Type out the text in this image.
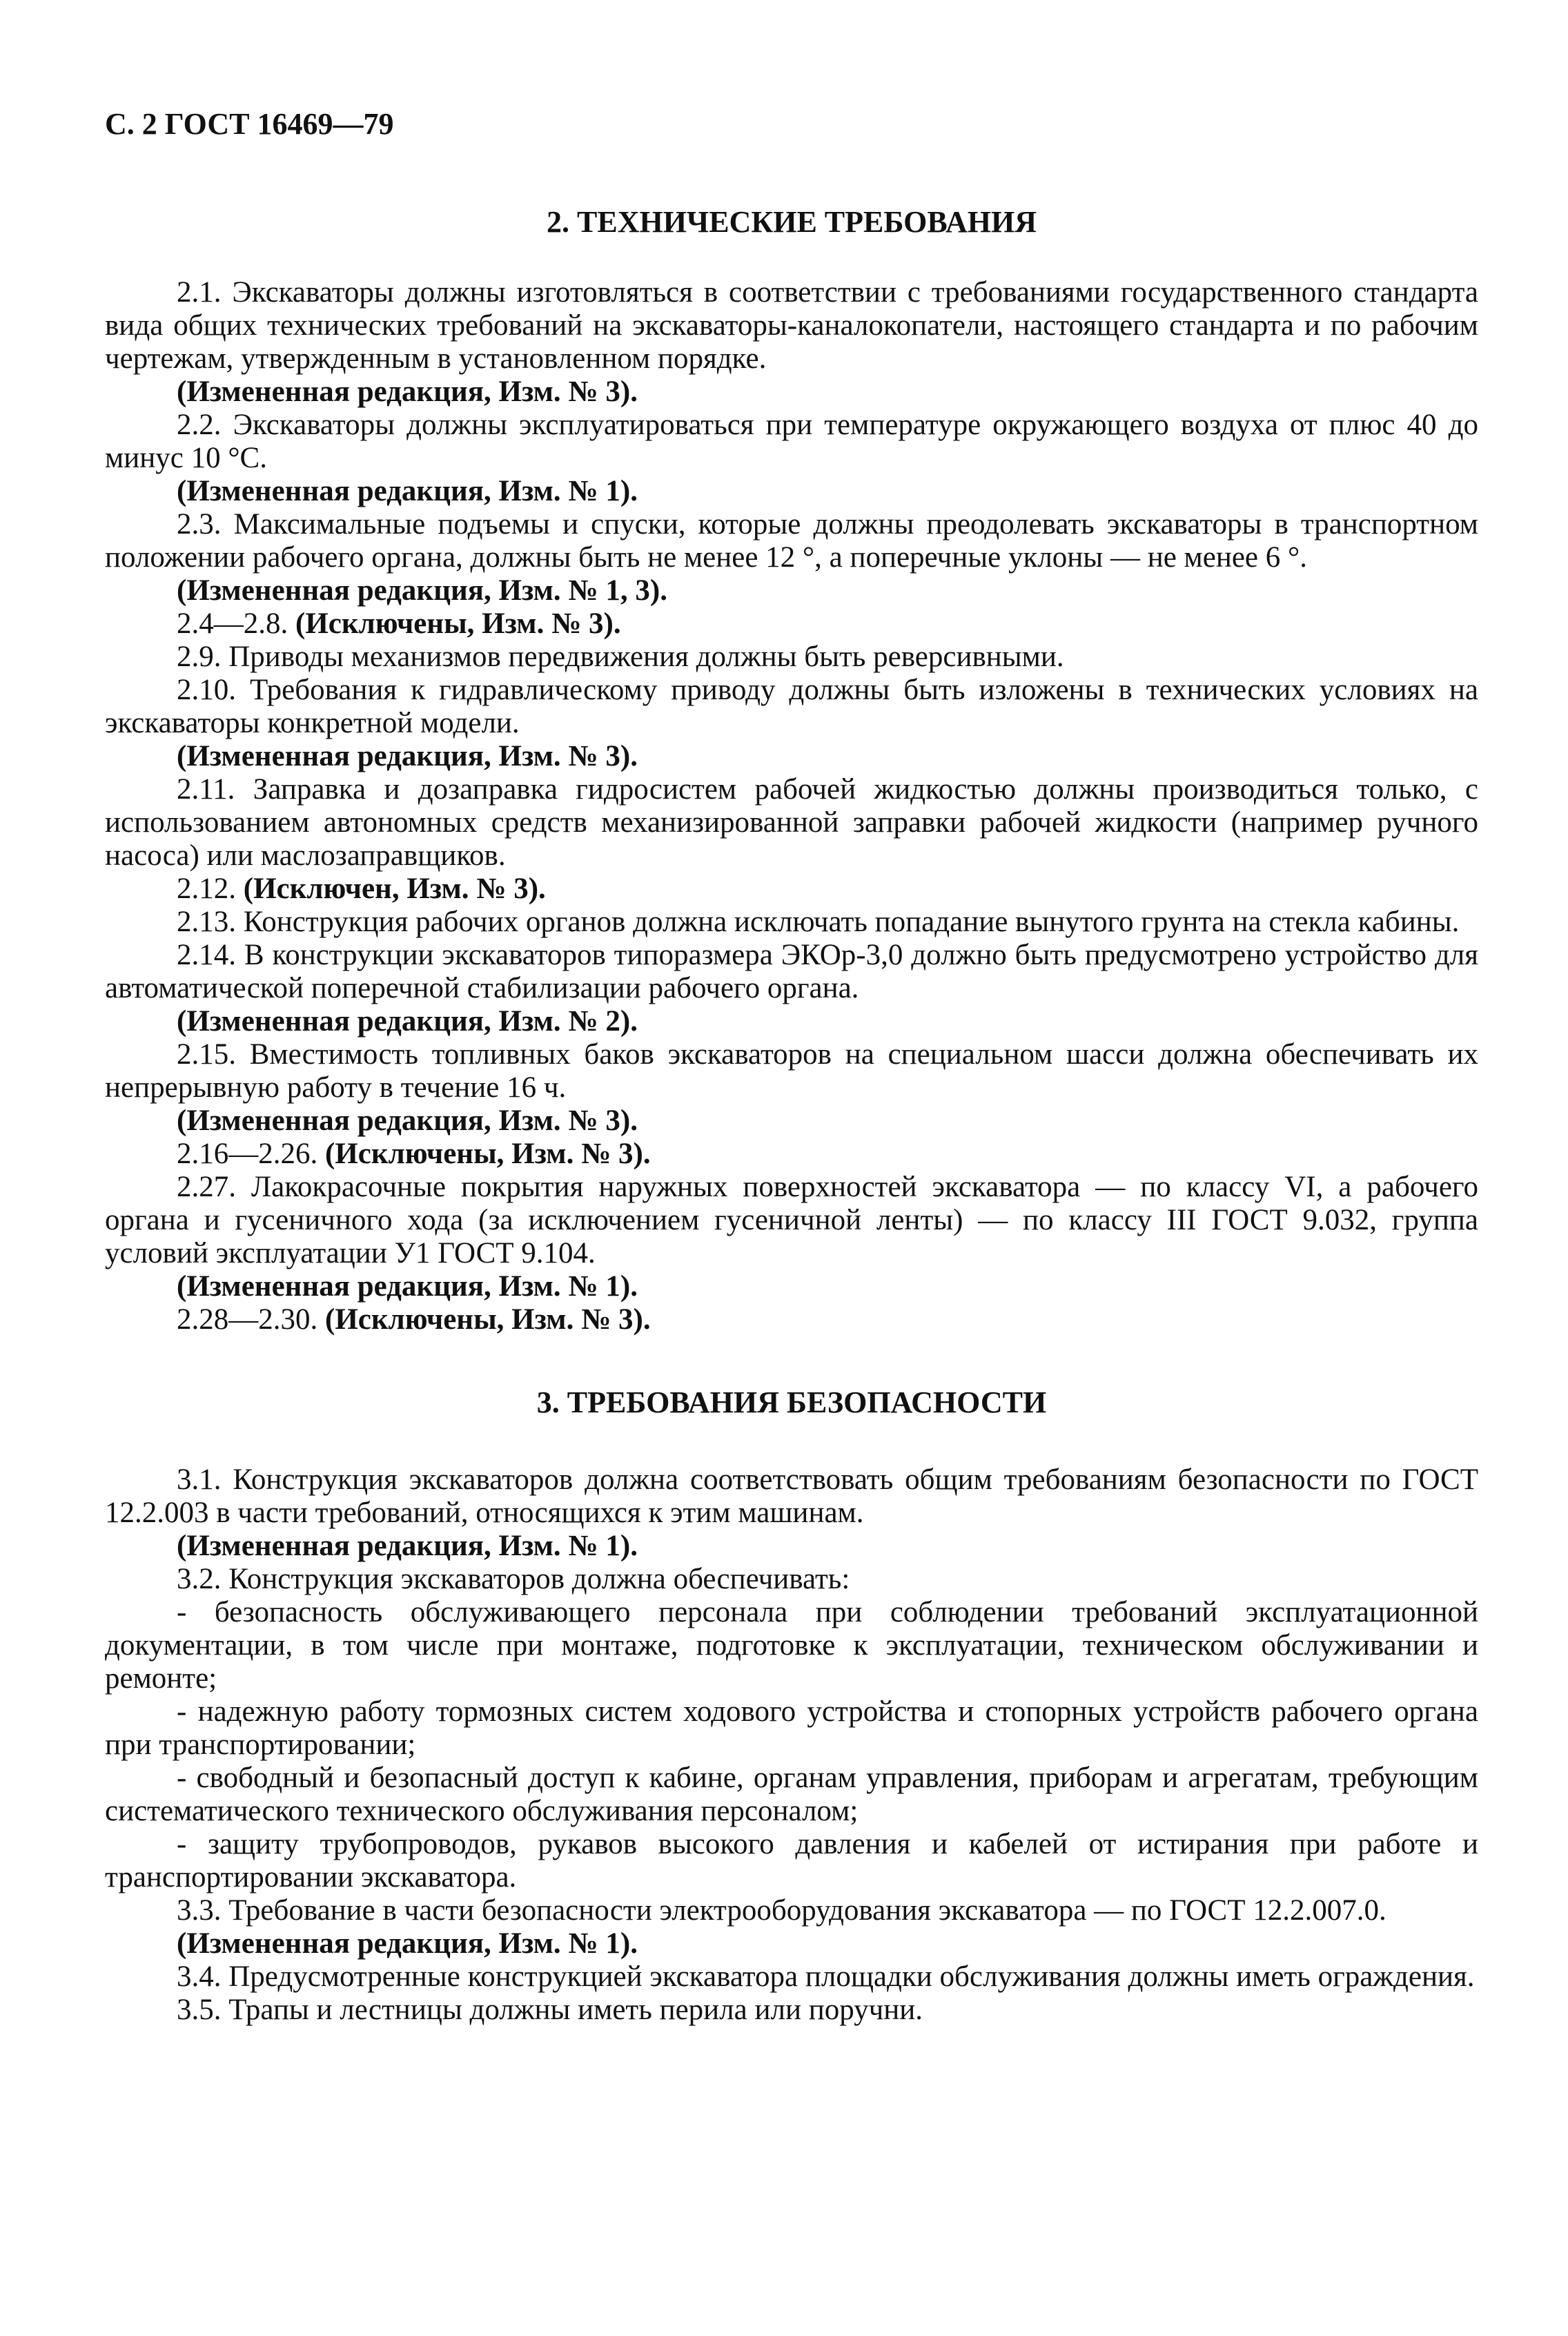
С. 2 ГОСТ 16469—79

2. ТЕХНИЧЕСКИЕ ТРЕБОВАНИЯ

2.1. Экскаваторы должны изготовляться в соответствии с требованиями государственного стандарта вида общих технических требований на экскаваторы-каналокопатели, настоящего стандарта и по рабочим чертежам, утвержденным в установленном порядке.

(Измененная редакция, Изм. № 3).

2.2. Экскаваторы должны эксплуатироваться при температуре окружающего воздуха от плюс 40 до минус 10 °С.

(Измененная редакция, Изм. № 1).

2.3. Максимальные подъемы и спуски, которые должны преодолевать экскаваторы в транспортном положении рабочего органа, должны быть не менее 12 °, а поперечные уклоны — не менее 6 °.

(Измененная редакция, Изм. № 1, 3).

2.4—2.8. (Исключены, Изм. № 3).

2.9. Приводы механизмов передвижения должны быть реверсивными.

2.10. Требования к гидравлическому приводу должны быть изложены в технических условиях на экскаваторы конкретной модели.

(Измененная редакция, Изм. № 3).

2.11. Заправка и дозаправка гидросистем рабочей жидкостью должны производиться только, с использованием автономных средств механизированной заправки рабочей жидкости (например ручного насоса) или маслозаправщиков.

2.12. (Исключен, Изм. № 3).

2.13. Конструкция рабочих органов должна исключать попадание вынутого грунта на стекла кабины.

2.14. В конструкции экскаваторов типоразмера ЭКОр-3,0 должно быть предусмотрено устройство для автоматической поперечной стабилизации рабочего органа.

(Измененная редакция, Изм. № 2).

2.15. Вместимость топливных баков экскаваторов на специальном шасси должна обеспечивать их непрерывную работу в течение 16 ч.

(Измененная редакция, Изм. № 3).

2.16—2.26. (Исключены, Изм. № 3).

2.27. Лакокрасочные покрытия наружных поверхностей экскаватора — по классу VI, а рабочего органа и гусеничного хода (за исключением гусеничной ленты) — по классу III ГОСТ 9.032, группа условий эксплуатации У1 ГОСТ 9.104.

(Измененная редакция, Изм. № 1).

2.28—2.30. (Исключены, Изм. № 3).

3. ТРЕБОВАНИЯ БЕЗОПАСНОСТИ

3.1. Конструкция экскаваторов должна соответствовать общим требованиям безопасности по ГОСТ 12.2.003 в части требований, относящихся к этим машинам.

(Измененная редакция, Изм. № 1).

3.2. Конструкция экскаваторов должна обеспечивать:

- безопасность обслуживающего персонала при соблюдении требований эксплуатационной документации, в том числе при монтаже, подготовке к эксплуатации, техническом обслуживании и ремонте;

- надежную работу тормозных систем ходового устройства и стопорных устройств рабочего органа при транспортировании;

- свободный и безопасный доступ к кабине, органам управления, приборам и агрегатам, требующим систематического технического обслуживания персоналом;

- защиту трубопроводов, рукавов высокого давления и кабелей от истирания при работе и транспортировании экскаватора.

3.3. Требование в части безопасности электрооборудования экскаватора — по ГОСТ 12.2.007.0.

(Измененная редакция, Изм. № 1).

3.4. Предусмотренные конструкцией экскаватора площадки обслуживания должны иметь ограждения.

3.5. Трапы и лестницы должны иметь перила или поручни.
